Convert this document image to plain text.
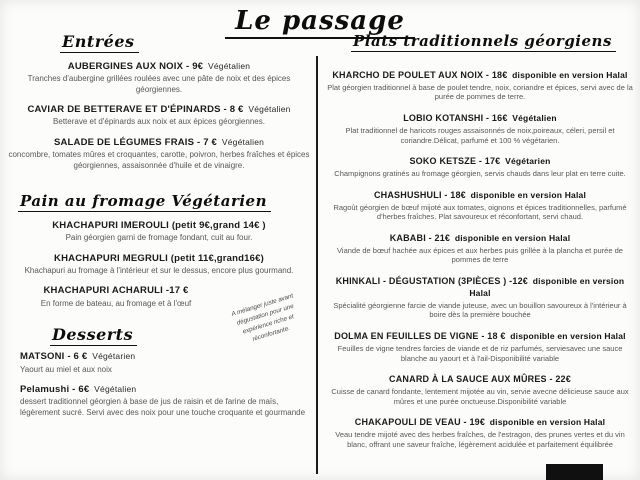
Le passage
Entrées
AUBERGINES AUX NOIX - 9€ Végétalien
Tranches d'aubergine grillées roulées avec une pâte de noix et des épices géorgiennes.
CAVIAR DE BETTERAVE ET D'ÉPINARDS - 8 € Végétalien
Betterave et d'épinards aux noix et aux épices géorgiennes.
SALADE DE LÉGUMES FRAIS - 7 € Végétalien
concombre, tomates mûres et croquantes, carotte, poivron, herbes fraîches et épices géorgiennes, assaisonnée d'huile et de vinaigre.
Pain au fromage Végétarien
KHACHAPURI IMEROULI (petit 9€,grand 14€ )
Pain géorgien garni de fromage fondant, cuit au four.
KHACHAPURI MEGRULI (petit 11€,grand16€)
Khachapuri au fromage à l'intérieur et sur le dessus, encore plus gourmand.
KHACHAPURI ACHARULI -17 €
En forme de bateau, au fromage et à l'œuf
Desserts
MATSONI - 6 € Végétarien
Yaourt au miel et aux noix
Pelamushi - 6€ Végétalien
dessert traditionnel géorgien à base de jus de raisin et de farine de maïs, légèrement sucré. Servi avec des noix pour une touche croquante et gourmande
A mélanger juste avant dégustation pour une expérience riche et réconfortante.
Plats traditionnels géorgiens
KHARCHO DE POULET AUX NOIX - 18€ disponible en version Halal
Plat géorgien traditionnel à base de poulet tendre, noix, coriandre et épices, servi avec de la purée de pommes de terre.
LOBIO KOTANSHI - 16€ Végétalien
Plat traditionnel de haricots rouges assaisonnés de noix,poireaux, céleri, persil et coriandre.Délicat, parfumé et 100 % végétarien.
SOKO KETSZE - 17€ Végétarien
Champignons gratinés au fromage géorgien, servis chauds dans leur plat en terre cuite.
CHASHUSHULI - 18€ disponible en version Halal
Ragoût géorgien de bœuf mijoté aux tomates, oignons et épices traditionnelles, parfumé d'herbes fraîches. Plat savoureux et réconfortant, servi chaud.
KABABI - 21€ disponible en version Halal
Viande de bœuf hachée aux épices et aux herbes puis grillée à la plancha et purée de pommes de terre
KHINKALI - DÉGUSTATION (3PIÈCES ) -12€ disponible en version Halal
Spécialité géorgienne farcie de viande juteuse, avec un bouillon savoureux à l'intérieur à boire dès la première bouchée
DOLMA EN FEUILLES DE VIGNE - 18 € disponible en version Halal
Feuilles de vigne tendres farcies de viande et de riz parfumés, serviesavec une sauce blanche au yaourt et à l'ail-Disponibilité variable
CANARD À LA SAUCE AUX MÛRES - 22€
Cuisse de canard fondante, lentement mijotée au vin, servie avecne délicieuse sauce aux mûres et une purée onctueuse.Disponibilité variable
CHAKAPOULI DE VEAU - 19€ disponible en version Halal
Veau tendre mijoté avec des herbes fraîches, de l'estragon, des prunes vertes et du vin blanc, offrant une saveur fraîche, légèrement acidulée et parfaitement équilibrée
